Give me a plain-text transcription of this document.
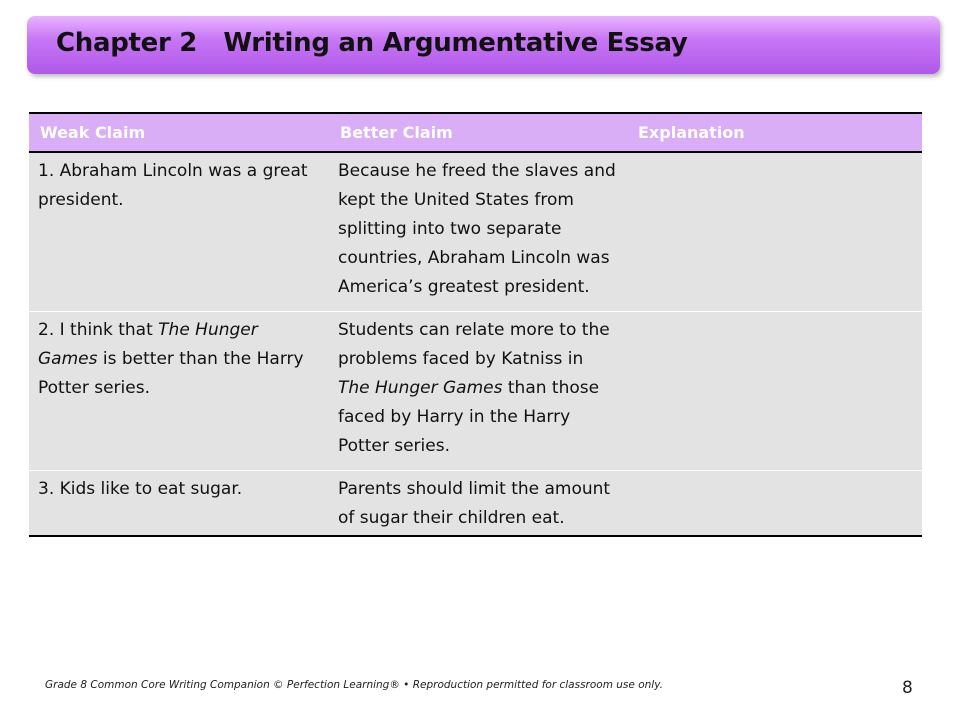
Chapter 2   Writing an Argumentative Essay
Weak Claim	Better Claim	Explanation
1. Abraham Lincoln was a great president.	Because he freed the slaves and kept the United States from splitting into two separate countries, Abraham Lincoln was America’s greatest president.	
2. I think that The Hunger Games is better than the Harry Potter series.	Students can relate more to the problems faced by Katniss in The Hunger Games than those faced by Harry in the Harry Potter series.	
3. Kids like to eat sugar.	Parents should limit the amount of sugar their children eat.	
Grade 8 Common Core Writing Companion © Perfection Learning® • Reproduction permitted for classroom use only.	8
